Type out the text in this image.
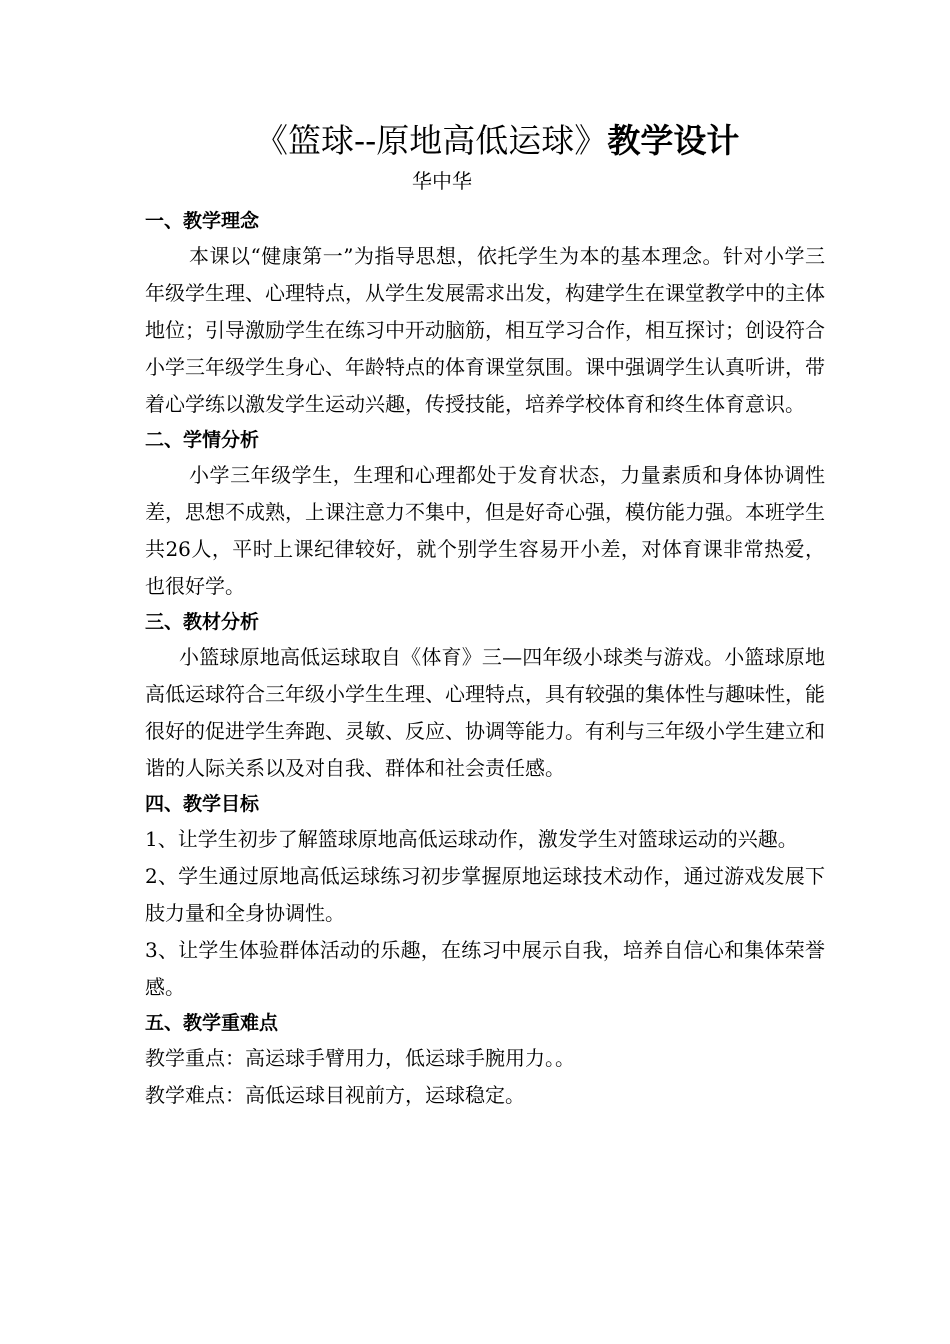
《篮球--原地高低运球》教学设计
华中华

一、教学理念

本课以“健康第一”为指导思想，依托学生为本的基本理念。针对小学三年级学生理、心理特点，从学生发展需求出发，构建学生在课堂教学中的主体地位；引导激励学生在练习中开动脑筋，相互学习合作，相互探讨；创设符合小学三年级学生身心、年龄特点的体育课堂氛围。课中强调学生认真听讲，带着心学练以激发学生运动兴趣，传授技能，培养学校体育和终生体育意识。

二、学情分析

小学三年级学生，生理和心理都处于发育状态，力量素质和身体协调性差，思想不成熟，上课注意力不集中，但是好奇心强，模仿能力强。本班学生共26人，平时上课纪律较好，就个别学生容易开小差，对体育课非常热爱，也很好学。

三、教材分析

小篮球原地高低运球取自《体育》三—四年级小球类与游戏。小篮球原地高低运球符合三年级小学生生理、心理特点，具有较强的集体性与趣味性，能很好的促进学生奔跑、灵敏、反应、协调等能力。有利与三年级小学生建立和谐的人际关系以及对自我、群体和社会责任感。

四、教学目标

1、让学生初步了解篮球原地高低运球动作，激发学生对篮球运动的兴趣。

2、学生通过原地高低运球练习初步掌握原地运球技术动作，通过游戏发展下肢力量和全身协调性。

3、让学生体验群体活动的乐趣，在练习中展示自我，培养自信心和集体荣誉感。

五、教学重难点

教学重点：高运球手臂用力，低运球手腕用力。。

教学难点：高低运球目视前方，运球稳定。
